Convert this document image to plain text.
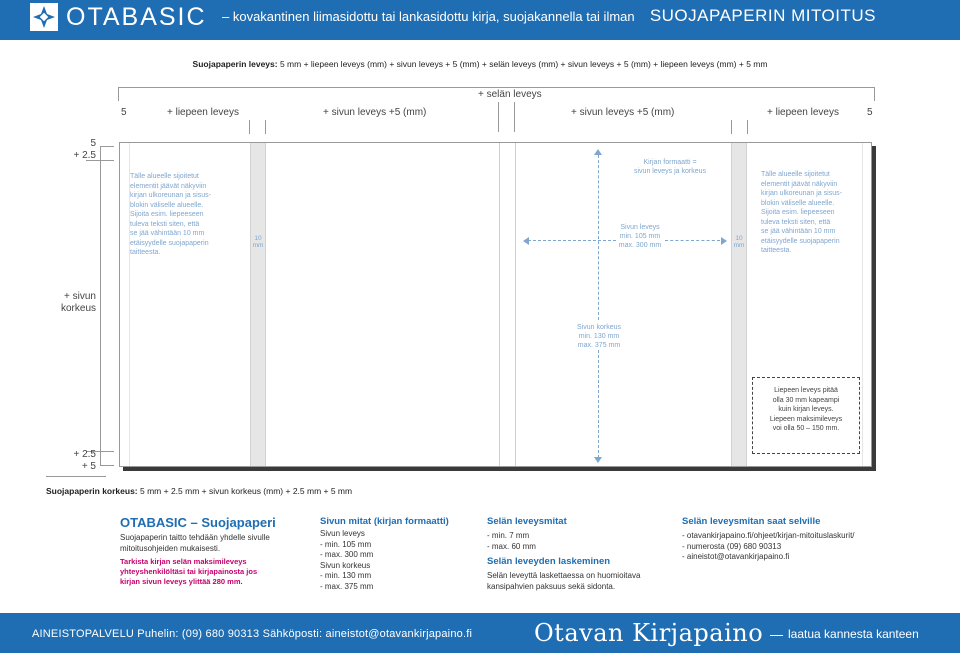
OTABASIC – kovakantinen liimasidottu tai lankasidottu kirja, suojakannella tai ilman SUOJAPAPERIN MITOITUS
Suojapaperin leveys: 5 mm + liepeen leveys (mm) + sivun leveys + 5 (mm) + selän leveys (mm) + sivun leveys + 5 (mm) + liepeen leveys (mm) + 5 mm
+ selän leveys
5	+ liepeen leveys	+ sivun leveys +5 (mm)	+ sivun leveys +5 (mm)	+ liepeen leveys	5
5
+ 2.5
+ sivun
korkeus
+ 2.5
+ 5
Tälle alueelle sijoitetut
elementit jäävät näkyviin
kirjan ulkoreunan ja sisus-
blokin väliselle alueelle.
Sijoita esim. liepeeseen
tuleva teksti siten, että
se jää vähintään 10 mm
etäisyydelle suojapaperin
taitteesta.
10
mm
Tälle alueelle sijoitetut
elementit jäävät näkyviin
kirjan ulkoreunan ja sisus-
blokin väliselle alueelle.
Sijoita esim. liepeeseen
tuleva teksti siten, että
se jää vähintään 10 mm
etäisyydelle suojapaperin
taitteesta.
10
mm
Kirjan formaatti =
sivun leveys ja korkeus
Sivun leveys
min. 105 mm
max. 300 mm
Sivun korkeus
min. 130 mm
max. 375 mm
Liepeen leveys pitää
olla 30 mm kapeampi
kuin kirjan leveys.
Liepeen maksimileveys
voi olla 50 – 150 mm.
Suojapaperin korkeus: 5 mm + 2.5 mm + sivun korkeus (mm) + 2.5 mm + 5 mm
OTABASIC – Suojapaperi
Suojapaperin taitto tehdään yhdelle sivulle
mitoitusohjeiden mukaisesti.
Tarkista kirjan selän maksimileveys
yhteyshenkilöltäsi tai kirjapainosta jos
kirjan sivun leveys ylittää 280 mm.
Sivun mitat (kirjan formaatti)
Sivun leveys
- min. 105 mm
- max. 300 mm
Sivun korkeus
- min. 130 mm
- max. 375 mm
Selän leveysmitat
- min. 7 mm
- max. 60 mm
Selän leveyden laskeminen
Selän leveyttä laskettaessa on huomioitava
kansipahvien paksuus sekä sidonta.
Selän leveysmitan saat selville
- otavankirjapaino.fi/ohjeet/kirjan-mitoituslaskurit/
- numerosta (09) 680 90313
- aineistot@otavankirjapaino.fi
AINEISTOPALVELU Puhelin: (09) 680 90313 Sähköposti: aineistot@otavankirjapaino.fi	Otavan Kirjapaino laatua kannesta kanteen
